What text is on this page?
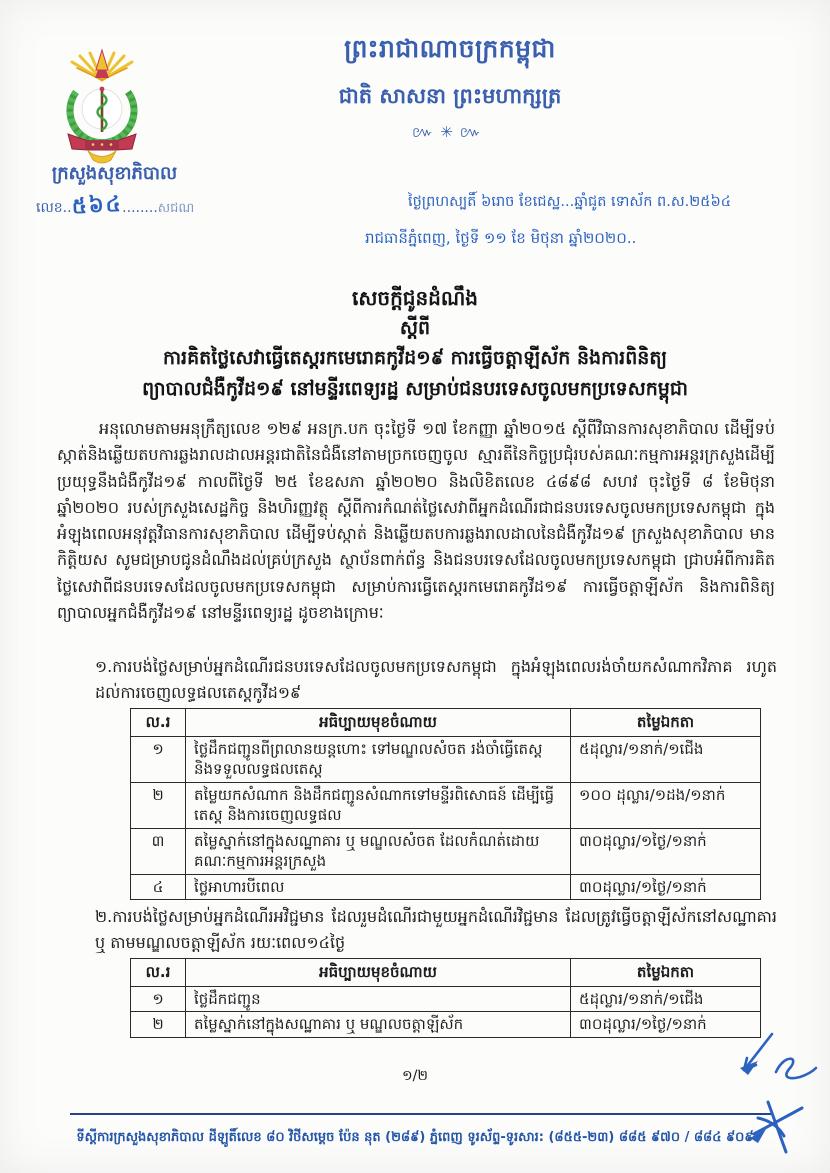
ព្រះរាជាណាចក្រកម្ពុជា
ជាតិ សាសនា ព្រះមហាក្សត្រ
៚✳៚
ក្រសួងសុខាភិបាល
លេខ..៥៦៤........សជណ	ថ្ងៃព្រហស្បតិ៍ ៦រោច ខែជេស្ឋ...ឆ្នាំជូត ទោស័ក ព.ស.២៥៦៤
រាជធានីភ្នំពេញ, ថ្ងៃទី ១១ ខែ មិថុនា ឆ្នាំ២០២០..
សេចក្តីជូនដំណឹង
ស្តីពី
ការគិតថ្លៃសេវាធ្វើតេស្តរកមេរោគកូវីដ១៩ ការធ្វើចត្តាឡីស័ក និងការពិនិត្យ
ព្យាបាលជំងឺកូវីដ១៩ នៅមន្ទីរពេទ្យរដ្ឋ សម្រាប់ជនបរទេសចូលមកប្រទេសកម្ពុជា
អនុលោមតាមអនុក្រឹត្យលេខ ១២៩ អនក្រ.បក ចុះថ្ងៃទី ១៧ ខែកញ្ញា ឆ្នាំ២០១៥ ស្តីពីវិធានការសុខាភិបាល ដើម្បីទប់ស្កាត់និងឆ្លើយតបការឆ្លងរាលដាលអន្តរជាតិនៃជំងឺនៅតាមច្រកចេញចូល ស្មារតីនៃកិច្ចប្រជុំរបស់គណៈកម្មការអន្តរក្រសួងដើម្បីប្រយុទ្ធនឹងជំងឺកូវីដ១៩ កាលពីថ្ងៃទី ២៥ ខែឧសភា ឆ្នាំ២០២០ និងលិខិតលេខ ៤៨៩៨ សហវ ចុះថ្ងៃទី ៨ ខែមិថុនា ឆ្នាំ២០២០ របស់ក្រសួងសេដ្ឋកិច្ច និងហិរញ្ញវត្ថុ ស្តីពីការកំណត់ថ្លៃសេវាពីអ្នកដំណើរជាជនបរទេសចូលមកប្រទេសកម្ពុជា ក្នុងអំឡុងពេលអនុវត្តវិធានការសុខាភិបាល ដើម្បីទប់ស្កាត់ និងឆ្លើយតបការឆ្លងរាលដាលនៃជំងឺកូវីដ១៩ ក្រសួងសុខាភិបាល មានកិត្តិយស សូមជម្រាបជូនដំណឹងដល់គ្រប់ក្រសួង ស្ថាប័នពាក់ព័ន្ធ និងជនបរទេសដែលចូលមកប្រទេសកម្ពុជា ជ្រាបអំពីការគិតថ្លៃសេវាពីជនបរទេសដែលចូលមកប្រទេសកម្ពុជា សម្រាប់ការធ្វើតេស្តរកមេរោគកូវីដ១៩ ការធ្វើចត្តាឡីស័ក និងការពិនិត្យ ព្យាបាលអ្នកជំងឺកូវីដ១៩ នៅមន្ទីរពេទ្យរដ្ឋ ដូចខាងក្រោមៈ
១.ការបង់ថ្លៃសម្រាប់អ្នកដំណើរជនបរទេសដែលចូលមកប្រទេសកម្ពុជា ក្នុងអំឡុងពេលរង់ចាំយកសំណាកវិភាគ រហូតដល់ការចេញលទ្ធផលតេស្តកូវីដ១៩
ល.រ	អធិប្បាយមុខចំណាយ	តម្លៃឯកតា
១	ថ្លៃដឹកជញ្ជូនពីព្រលានយន្តហោះ ទៅមណ្ឌលសំចត រង់ចាំធ្វើតេស្ត និងទទួលលទ្ធផលតេស្ត	៥ដុល្លារ/១នាក់/១ជើង
២	តម្លៃយកសំណាក និងដឹកជញ្ជូនសំណាកទៅមន្ទីរពិសោធន៍ ដើម្បីធ្វើតេស្ត និងការចេញលទ្ធផល	១០០ ដុល្លារ/១ដង/១នាក់
៣	តម្លៃស្នាក់នៅក្នុងសណ្ឋាគារ ឬ មណ្ឌលសំចត ដែលកំណត់ដោយគណៈកម្មការអន្តរក្រសួង	៣០ដុល្លារ/១ថ្ងៃ/១នាក់
៤	ថ្លៃអាហារបីពេល	៣០ដុល្លារ/១ថ្ងៃ/១នាក់
២.ការបង់ថ្លៃសម្រាប់អ្នកដំណើរអវិជ្ជមាន ដែលរួមដំណើរជាមួយអ្នកដំណើរវិជ្ជមាន ដែលត្រូវធ្វើចត្តាឡីស័កនៅសណ្ឋាគារ ឬ តាមមណ្ឌលចត្តាឡីស័ក រយៈពេល១៤ថ្ងៃ
ល.រ	អធិប្បាយមុខចំណាយ	តម្លៃឯកតា
១	ថ្លៃដឹកជញ្ជូន	៥ដុល្លារ/១នាក់/១ជើង
២	តម្លៃស្នាក់នៅក្នុងសណ្ឋាគារ ឬ មណ្ឌលចត្តាឡីស័ក	៣០ដុល្លារ/១ថ្ងៃ/១នាក់
១/២
ទីស្តីការក្រសួងសុខាភិបាល ដីឡូតិ៍លេខ ៨០ វិថីសម្តេច ប៉ែន នុត (២៨៩) ភ្នំពេញ ទូរស័ព្ទ-ទូរសារ: (៨៥៥-២៣) ៨៨៥ ៩៧០ / ៨៨៤ ៩០៩
